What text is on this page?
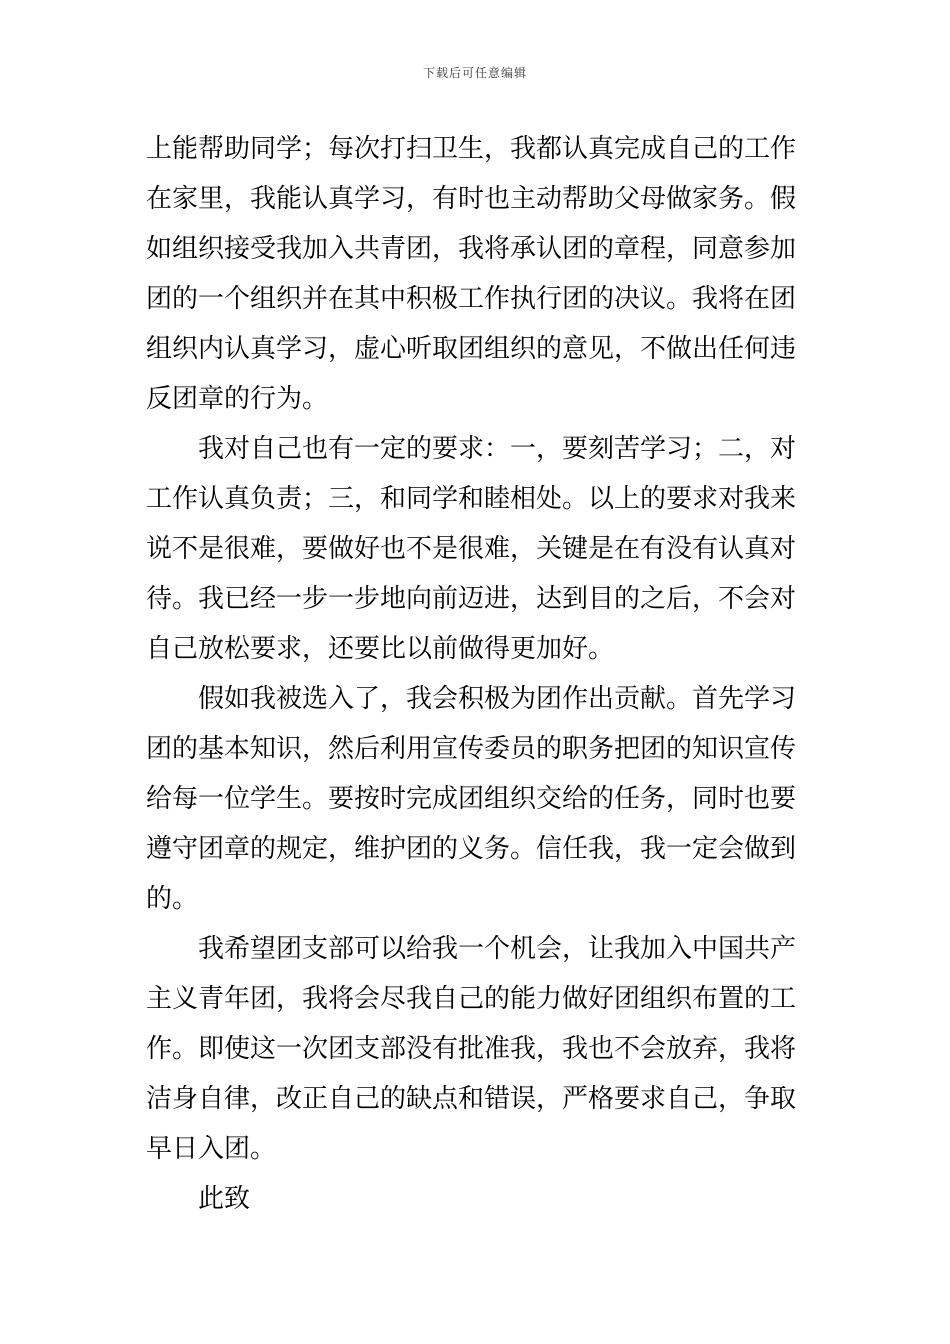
下载后可任意编辑
上能帮助同学；每次打扫卫生，我都认真完成自己的工作
在家里，我能认真学习，有时也主动帮助父母做家务。假
如组织接受我加入共青团，我将承认团的章程，同意参加
团的一个组织并在其中积极工作执行团的决议。我将在团
组织内认真学习，虚心听取团组织的意见，不做出任何违
反团章的行为。
我对自己也有一定的要求：一，要刻苦学习；二，对
工作认真负责；三，和同学和睦相处。以上的要求对我来
说不是很难，要做好也不是很难，关键是在有没有认真对
待。我已经一步一步地向前迈进，达到目的之后，不会对
自己放松要求，还要比以前做得更加好。
假如我被选入了，我会积极为团作出贡献。首先学习
团的基本知识，然后利用宣传委员的职务把团的知识宣传
给每一位学生。要按时完成团组织交给的任务，同时也要
遵守团章的规定，维护团的义务。信任我，我一定会做到
的。
我希望团支部可以给我一个机会，让我加入中国共产
主义青年团，我将会尽我自己的能力做好团组织布置的工
作。即使这一次团支部没有批准我，我也不会放弃，我将
洁身自律，改正自己的缺点和错误，严格要求自己，争取
早日入团。
此致
